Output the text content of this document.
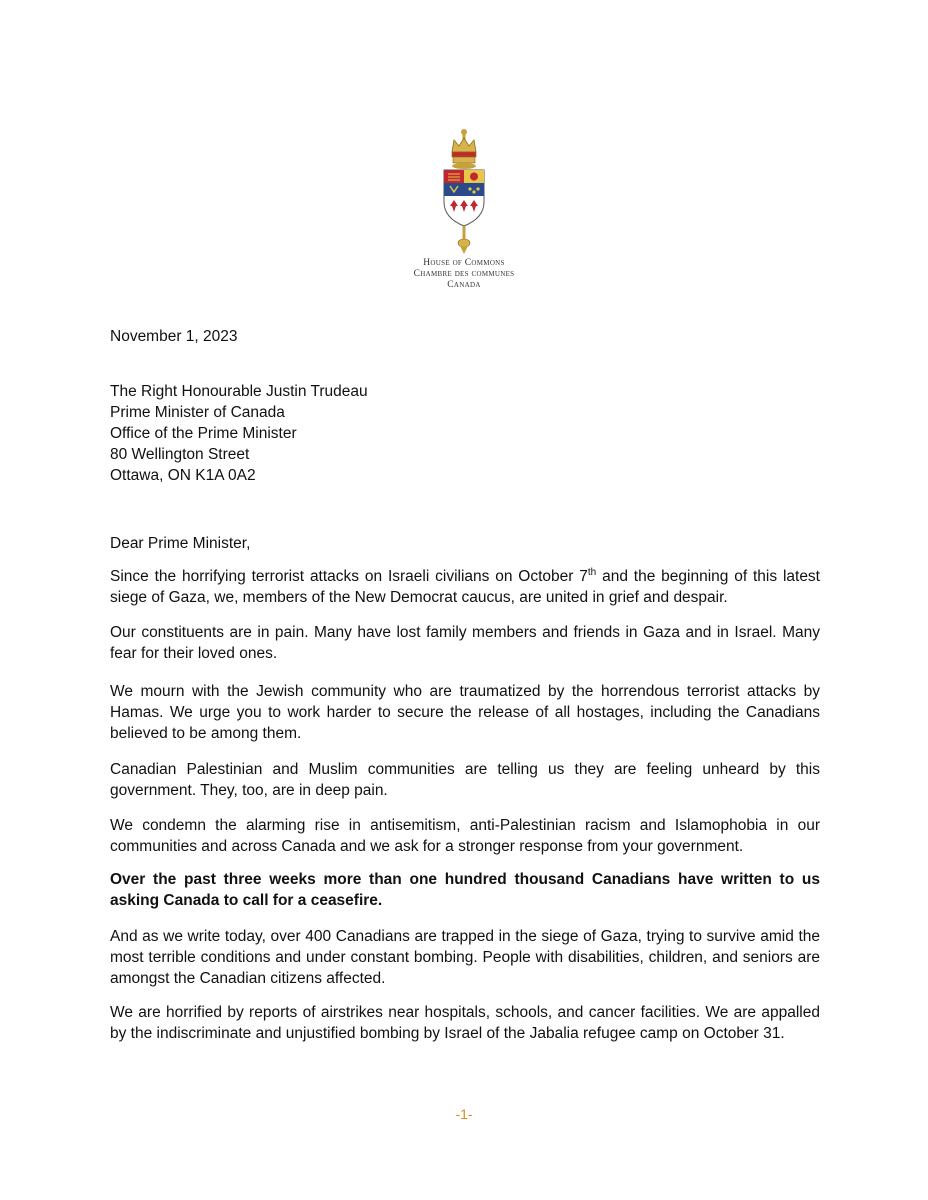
House of Commons
Chambre des communes
Canada
November 1, 2023
The Right Honourable Justin Trudeau
Prime Minister of Canada
Office of the Prime Minister
80 Wellington Street
Ottawa, ON K1A 0A2
Dear Prime Minister,

Since the horrifying terrorist attacks on Israeli civilians on October 7th and the beginning of this latest siege of Gaza, we, members of the New Democrat caucus, are united in grief and despair.

Our constituents are in pain. Many have lost family members and friends in Gaza and in Israel. Many fear for their loved ones.

We mourn with the Jewish community who are traumatized by the horrendous terrorist attacks by Hamas. We urge you to work harder to secure the release of all hostages, including the Canadians believed to be among them.

Canadian Palestinian and Muslim communities are telling us they are feeling unheard by this government. They, too, are in deep pain.

We condemn the alarming rise in antisemitism, anti-Palestinian racism and Islamophobia in our communities and across Canada and we ask for a stronger response from your government.

Over the past three weeks more than one hundred thousand Canadians have written to us asking Canada to call for a ceasefire.

And as we write today, over 400 Canadians are trapped in the siege of Gaza, trying to survive amid the most terrible conditions and under constant bombing. People with disabilities, children, and seniors are amongst the Canadian citizens affected.

We are horrified by reports of airstrikes near hospitals, schools, and cancer facilities. We are appalled by the indiscriminate and unjustified bombing by Israel of the Jabalia refugee camp on October 31.

-1-
